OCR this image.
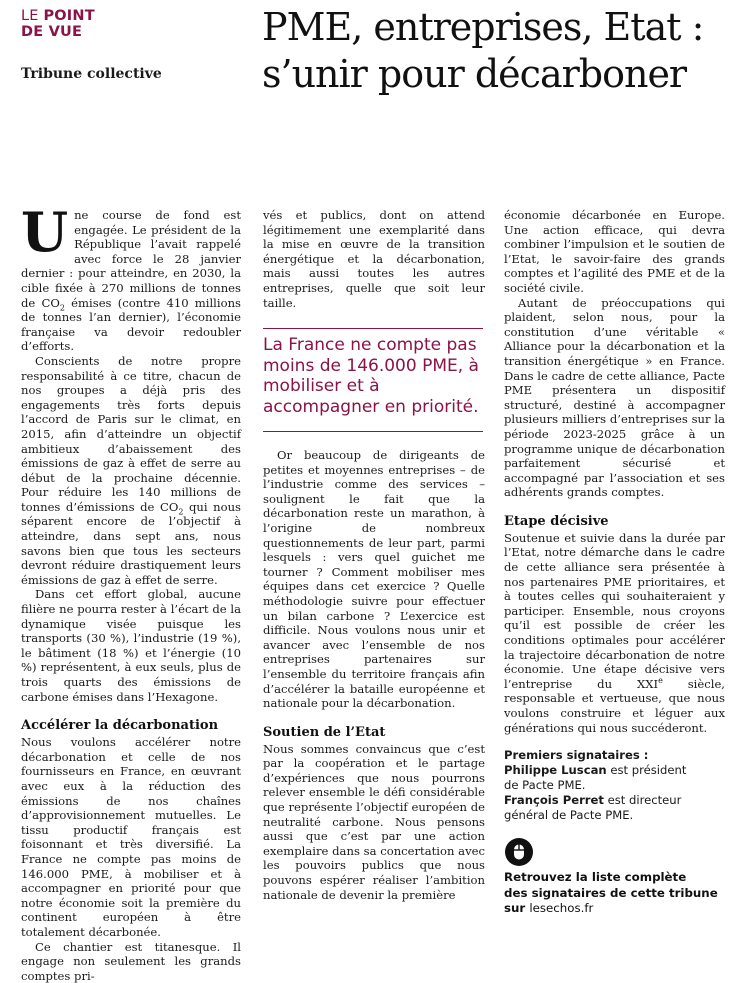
LE POINT
DE VUE
Tribune collective
PME, entreprises, Etat :
s’unir pour décarboner

Une course de fond est engagée. Le président de la République l’avait rappelé avec force le 28 janvier dernier : pour atteindre, en 2030, la cible fixée à 270 millions de tonnes de $CO_2$ émises (contre 410 millions de tonnes l’an dernier), l’économie française va devoir redoubler d’efforts.

Conscients de notre propre responsabilité à ce titre, chacun de nos groupes a déjà pris des engagements très forts depuis l’accord de Paris sur le climat, en 2015, afin d’atteindre un objectif ambitieux d’abaissement des émissions de gaz à effet de serre au début de la prochaine décennie. Pour réduire les 140 millions de tonnes d’émissions de $CO_2$ qui nous séparent encore de l’objectif à atteindre, dans sept ans, nous savons bien que tous les secteurs devront réduire drastiquement leurs émissions de gaz à effet de serre.

Dans cet effort global, aucune filière ne pourra rester à l’écart de la dynamique visée puisque les transports (30 %), l’industrie (19 %), le bâtiment (18 %) et l’énergie (10 %) représentent, à eux seuls, plus de trois quarts des émissions de carbone émises dans l’Hexagone.

Accélérer la décarbonation

Nous voulons accélérer notre décarbonation et celle de nos fournisseurs en France, en œuvrant avec eux à la réduction des émissions de nos chaînes d’approvisionnement mutuelles. Le tissu productif français est foisonnant et très diversifié. La France ne compte pas moins de 146.000 PME, à mobiliser et à accompagner en priorité pour que notre économie soit la première du continent européen à être totalement décarbonée.

Ce chantier est titanesque. Il engage non seulement les grands comptes pri-

vés et publics, dont on attend légitimement une exemplarité dans la mise en œuvre de la transition énergétique et la décarbonation, mais aussi toutes les autres entreprises, quelle que soit leur taille.

La France ne compte pas moins de 146.000 PME, à mobiliser et à accompagner en priorité.

Or beaucoup de dirigeants de petites et moyennes entreprises – de l’industrie comme des services – soulignent le fait que la décarbonation reste un marathon, à l’origine de nombreux questionnements de leur part, parmi lesquels : vers quel guichet me tourner ? Comment mobiliser mes équipes dans cet exercice ? Quelle méthodologie suivre pour effectuer un bilan carbone ? L’exercice est difficile. Nous voulons nous unir et avancer avec l’ensemble de nos entreprises partenaires sur l’ensemble du territoire français afin d’accélérer la bataille européenne et nationale pour la décarbonation.

Soutien de l’Etat

Nous sommes convaincus que c’est par la coopération et le partage d’expériences que nous pourrons relever ensemble le défi considérable que représente l’objectif européen de neutralité carbone. Nous pensons aussi que c’est par une action exemplaire dans sa concertation avec les pouvoirs publics que nous pouvons espérer réaliser l’ambition nationale de devenir la première

économie décarbonée en Europe. Une action efficace, qui devra combiner l’impulsion et le soutien de l’Etat, le savoir-faire des grands comptes et l’agilité des PME et de la société civile.

Autant de préoccupations qui plaident, selon nous, pour la constitution d’une véritable « Alliance pour la décarbonation et la transition énergétique » en France. Dans le cadre de cette alliance, Pacte PME présentera un dispositif structuré, destiné à accompagner plusieurs milliers d’entreprises sur la période 2023-2025 grâce à un programme unique de décarbonation parfaitement sécurisé et accompagné par l’association et ses adhérents grands comptes.

Etape décisive

Soutenue et suivie dans la durée par l’Etat, notre démarche dans le cadre de cette alliance sera présentée à nos partenaires PME prioritaires, et à toutes celles qui souhaiteraient y participer. Ensemble, nous croyons qu’il est possible de créer les conditions optimales pour accélérer la trajectoire décarbonation de notre économie. Une étape décisive vers l’entreprise du XXIe siècle, responsable et vertueuse, que nous voulons construire et léguer aux générations qui nous succéderont.

Premiers signataires :
Philippe Luscan est président
de Pacte PME.
François Perret est directeur
général de Pacte PME.
Retrouvez la liste complète
des signataires de cette tribune
sur lesechos.fr
